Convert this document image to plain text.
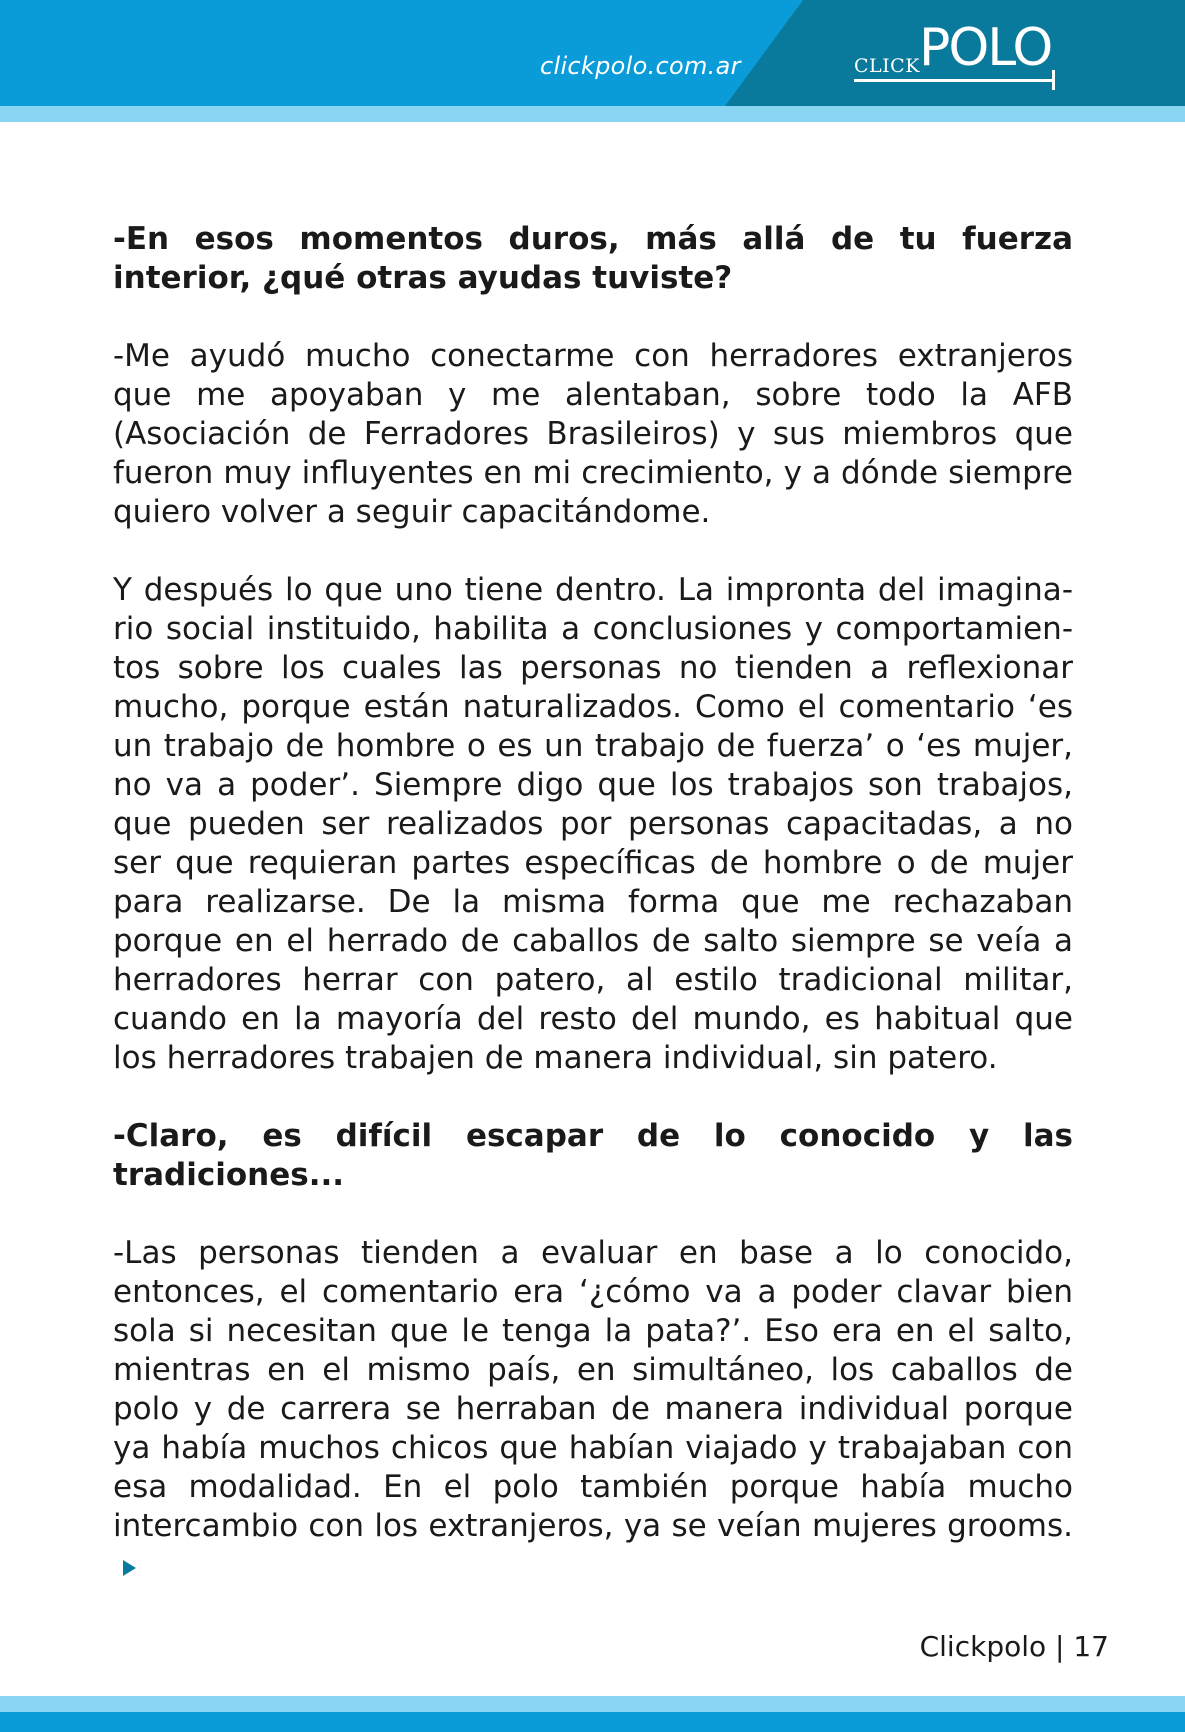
clickpolo.com.ar	CLICK POLO

-En esos momentos duros, más allá de tu fuerza interior, ¿qué otras ayudas tuviste?

-Me ayudó mucho conectarme con herradores extranjeros que me apoyaban y me alentaban, sobre todo la AFB (Asociación de Ferradores Brasileiros) y sus miembros que fueron muy influyentes en mi crecimiento, y a dónde siempre quiero volver a seguir capacitándome.

Y después lo que uno tiene dentro. La impronta del imaginario social instituido, habilita a conclusiones y comportamientos sobre los cuales las personas no tienden a reflexionar mucho, porque están naturalizados. Como el comentario ‘es un trabajo de hombre o es un trabajo de fuerza’ o ‘es mujer, no va a poder’. Siempre digo que los trabajos son trabajos, que pueden ser realizados por personas capacitadas, a no ser que requieran partes específicas de hombre o de mujer para realizarse. De la misma forma que me rechazaban porque en el herrado de caballos de salto siempre se veía a herradores herrar con patero, al estilo tradicional militar, cuando en la mayoría del resto del mundo, es habitual que los herradores trabajen de manera individual, sin patero.

-Claro, es difícil escapar de lo conocido y las tradiciones...

-Las personas tienden a evaluar en base a lo conocido, entonces, el comentario era ‘¿cómo va a poder clavar bien sola si necesitan que le tenga la pata?’. Eso era en el salto, mientras en el mismo país, en simultáneo, los caballos de polo y de carrera se herraban de manera individual porque ya había muchos chicos que habían viajado y trabajaban con esa modalidad. En el polo también porque había mucho intercambio con los extranjeros, ya se veían mujeres grooms.

Clickpolo | 17
